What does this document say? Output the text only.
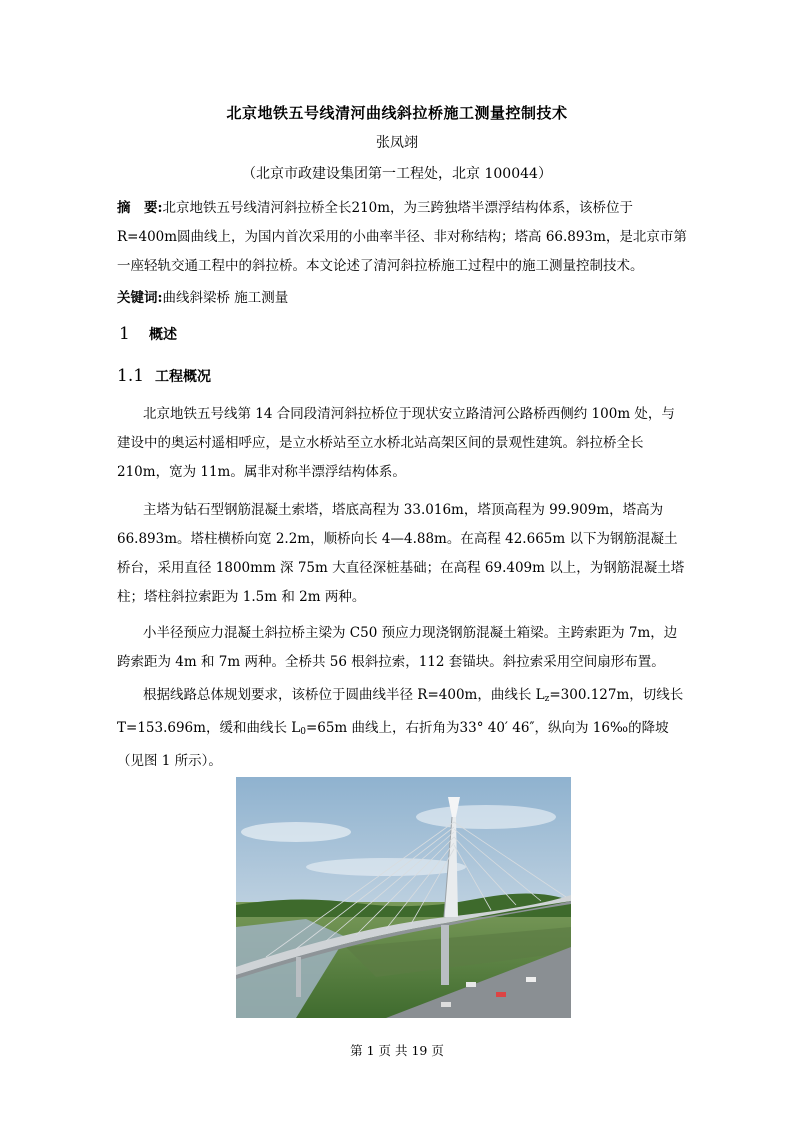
北京地铁五号线清河曲线斜拉桥施工测量控制技术
张凤翊
（北京市政建设集团第一工程处，北京 100044）
摘　要:北京地铁五号线清河斜拉桥全长210m，为三跨独塔半漂浮结构体系，该桥位于 R=400m圆曲线上，为国内首次采用的小曲率半径、非对称结构；塔高 66.893m，是北京市第一座轻轨交通工程中的斜拉桥。本文论述了清河斜拉桥施工过程中的施工测量控制技术。
关键词:曲线斜梁桥 施工测量
1 概述
1.1 工程概况

北京地铁五号线第 14 合同段清河斜拉桥位于现状安立路清河公路桥西侧约 100m 处，与建设中的奥运村遥相呼应，是立水桥站至立水桥北站高架区间的景观性建筑。斜拉桥全长 210m，宽为 11m。属非对称半漂浮结构体系。

主塔为钻石型钢筋混凝土索塔，塔底高程为 33.016m，塔顶高程为 99.909m，塔高为 66.893m。塔柱横桥向宽 2.2m，顺桥向长 4—4.88m。在高程 42.665m 以下为钢筋混凝土桥台，采用直径 1800mm 深 75m 大直径深桩基础；在高程 69.409m 以上，为钢筋混凝土塔柱；塔柱斜拉索距为 1.5m 和 2m 两种。

小半径预应力混凝土斜拉桥主梁为 C50 预应力现浇钢筋混凝土箱梁。主跨索距为 7m，边跨索距为 4m 和 7m 两种。全桥共 56 根斜拉索，112 套锚块。斜拉索采用空间扇形布置。

根据线路总体规划要求，该桥位于圆曲线半径 R=400m，曲线长 $L_z=300.127m$，切线长 T=153.696m，缓和曲线长 $L_0=65m$ 曲线上，右折角为33° 40′ 46″，纵向为 16‰的降坡（见图 1 所示）。

第 1 页 共 19 页
